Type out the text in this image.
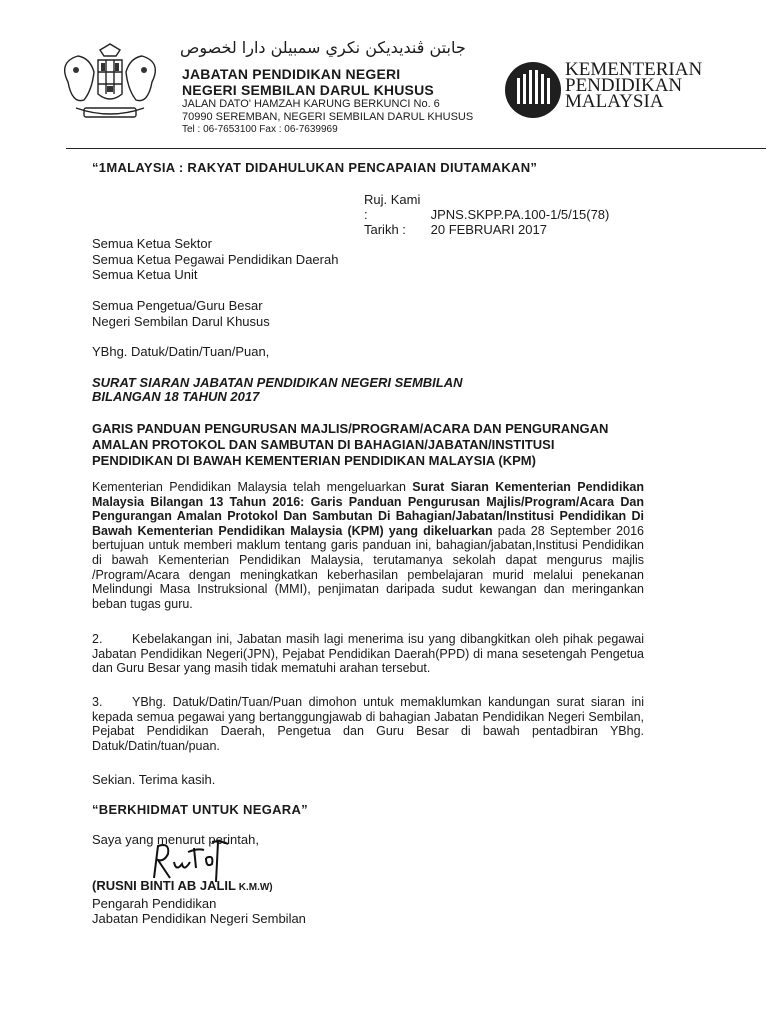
جابتن ڤنديديكن نكري سمبيلن دارا لخصوص
JABATAN PENDIDIKAN NEGERI
NEGERI SEMBILAN DARUL KHUSUS
JALAN DATO' HAMZAH KARUNG BERKUNCI No. 6
70990 SEREMBAN, NEGERI SEMBILAN DARUL KHUSUS
Tel : 06-7653100 Fax : 06-7639969
KEMENTERIAN
PENDIDIKAN
MALAYSIA
“1MALAYSIA : RAKYAT DIDAHULUKAN PENCAPAIAN DIUTAMAKAN”
Ruj. Kami :	JPNS.SKPP.PA.100-1/5/15(78)
Tarikh : 20 FEBRUARI 2017
Semua Ketua Sektor
Semua Ketua Pegawai Pendidikan Daerah
Semua Ketua Unit
Semua Pengetua/Guru Besar
Negeri Sembilan Darul Khusus
YBhg. Datuk/Datin/Tuan/Puan,
SURAT SIARAN JABATAN PENDIDIKAN NEGERI SEMBILAN
BILANGAN 18 TAHUN 2017
GARIS PANDUAN PENGURUSAN MAJLIS/PROGRAM/ACARA DAN PENGURANGAN
AMALAN PROTOKOL DAN SAMBUTAN DI BAHAGIAN/JABATAN/INSTITUSI
PENDIDIKAN DI BAWAH KEMENTERIAN PENDIDIKAN MALAYSIA (KPM)
Kementerian Pendidikan Malaysia telah mengeluarkan Surat Siaran Kementerian Pendidikan Malaysia Bilangan 13 Tahun 2016: Garis Panduan Pengurusan Majlis/Program/Acara Dan Pengurangan Amalan Protokol Dan Sambutan Di Bahagian/Jabatan/Institusi Pendidikan Di Bawah Kementerian Pendidikan Malaysia (KPM) yang dikeluarkan pada 28 September 2016 bertujuan untuk memberi maklum tentang garis panduan ini, bahagian/jabatan,Institusi Pendidikan di bawah Kementerian Pendidikan Malaysia, terutamanya sekolah dapat mengurus majlis /Program/Acara dengan meningkatkan keberhasilan pembelajaran murid melalui penekanan Melindungi Masa Instruksional (MMI), penjimatan daripada sudut kewangan dan meringankan beban tugas guru.
2. Kebelakangan ini, Jabatan masih lagi menerima isu yang dibangkitkan oleh pihak pegawai Jabatan Pendidikan Negeri(JPN), Pejabat Pendidikan Daerah(PPD) di mana sesetengah Pengetua dan Guru Besar yang masih tidak mematuhi arahan tersebut.
3. YBhg. Datuk/Datin/Tuan/Puan dimohon untuk memaklumkan kandungan surat siaran ini kepada semua pegawai yang bertanggungjawab di bahagian Jabatan Pendidikan Negeri Sembilan, Pejabat Pendidikan Daerah, Pengetua dan Guru Besar di bawah pentadbiran YBhg. Datuk/Datin/tuan/puan.
Sekian. Terima kasih.
“BERKHIDMAT UNTUK NEGARA”
Saya yang menurut perintah,
(RUSNI BINTI AB JALIL K.M.W)
Pengarah Pendidikan
Jabatan Pendidikan Negeri Sembilan
